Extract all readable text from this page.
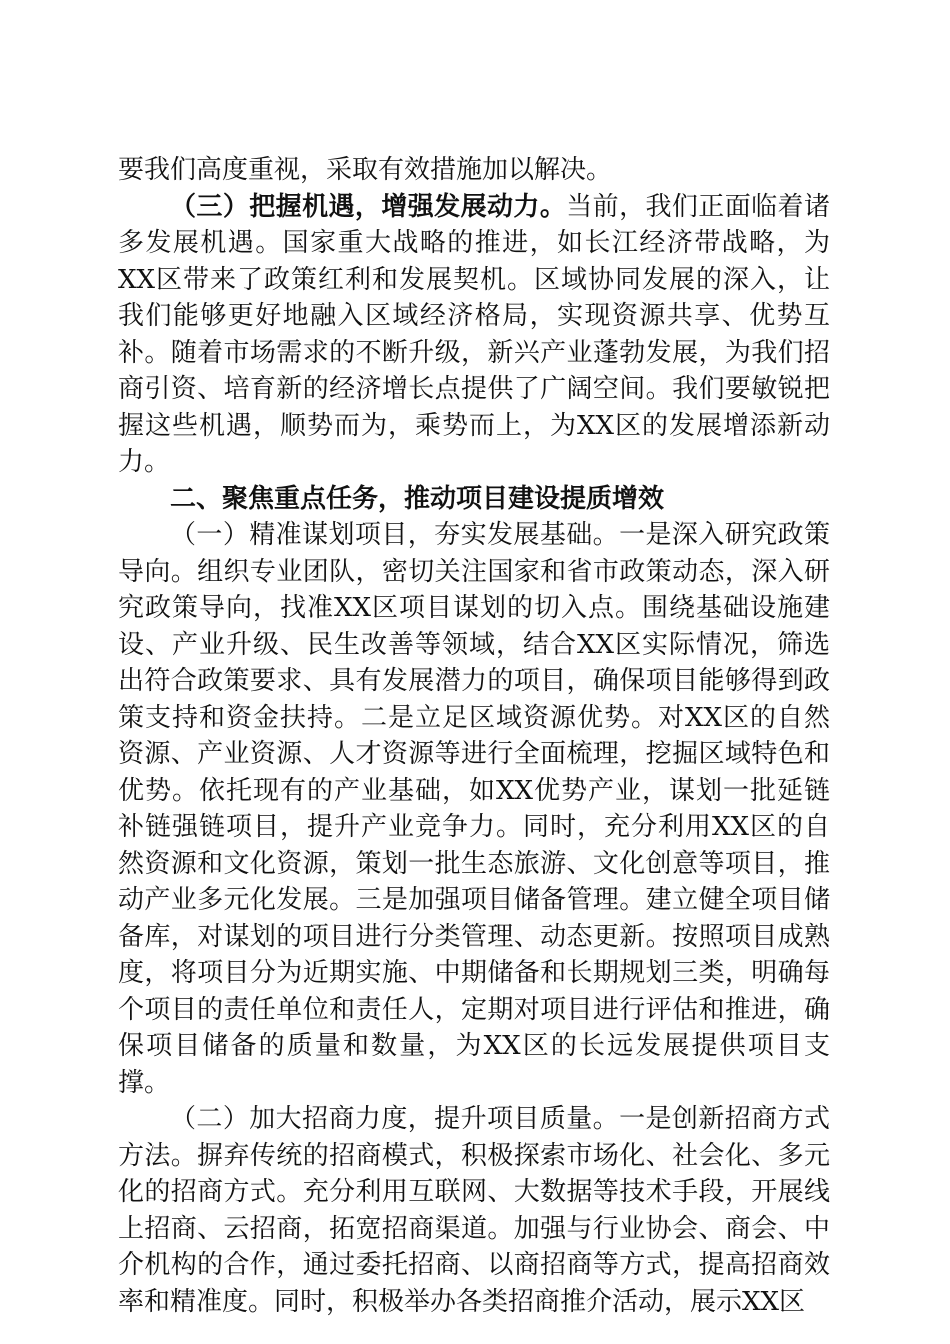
要我们高度重视，采取有效措施加以解决。

（三）把握机遇，增强发展动力。当前，我们正面临着诸多发展机遇。国家重大战略的推进，如长江经济带战略，为XX区带来了政策红利和发展契机。区域协同发展的深入，让我们能够更好地融入区域经济格局，实现资源共享、优势互补。随着市场需求的不断升级，新兴产业蓬勃发展，为我们招商引资、培育新的经济增长点提供了广阔空间。我们要敏锐把握这些机遇，顺势而为，乘势而上，为XX区的发展增添新动力。

二、聚焦重点任务，推动项目建设提质增效

（一）精准谋划项目，夯实发展基础。一是深入研究政策导向。组织专业团队，密切关注国家和省市政策动态，深入研究政策导向，找准XX区项目谋划的切入点。围绕基础设施建设、产业升级、民生改善等领域，结合XX区实际情况，筛选出符合政策要求、具有发展潜力的项目，确保项目能够得到政策支持和资金扶持。二是立足区域资源优势。对XX区的自然资源、产业资源、人才资源等进行全面梳理，挖掘区域特色和优势。依托现有的产业基础，如XX优势产业，谋划一批延链补链强链项目，提升产业竞争力。同时，充分利用XX区的自然资源和文化资源，策划一批生态旅游、文化创意等项目，推动产业多元化发展。三是加强项目储备管理。建立健全项目储备库，对谋划的项目进行分类管理、动态更新。按照项目成熟度，将项目分为近期实施、中期储备和长期规划三类，明确每个项目的责任单位和责任人，定期对项目进行评估和推进，确保项目储备的质量和数量，为XX区的长远发展提供项目支撑。

（二）加大招商力度，提升项目质量。一是创新招商方式方法。摒弃传统的招商模式，积极探索市场化、社会化、多元化的招商方式。充分利用互联网、大数据等技术手段，开展线上招商、云招商，拓宽招商渠道。加强与行业协会、商会、中介机构的合作，通过委托招商、以商招商等方式，提高招商效率和精准度。同时，积极举办各类招商推介活动，展示XX区
